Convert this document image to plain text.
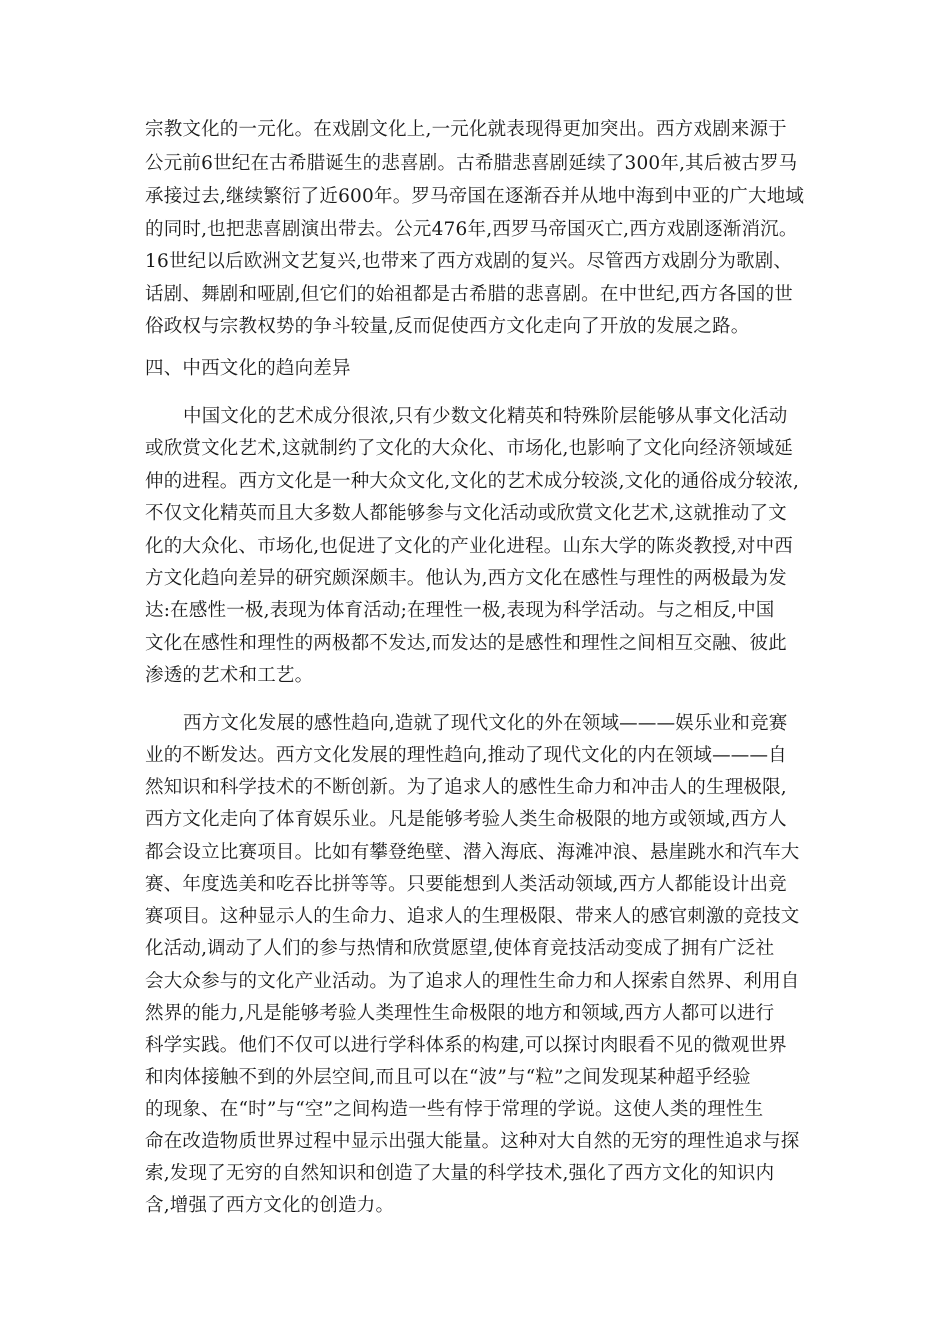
宗教文化的一元化。在戏剧文化上,一元化就表现得更加突出。西方戏剧来源于
公元前6世纪在古希腊诞生的悲喜剧。古希腊悲喜剧延续了300年,其后被古罗马
承接过去,继续繁衍了近600年。罗马帝国在逐渐吞并从地中海到中亚的广大地域
的同时,也把悲喜剧演出带去。公元476年,西罗马帝国灭亡,西方戏剧逐渐消沉。
16世纪以后欧洲文艺复兴,也带来了西方戏剧的复兴。尽管西方戏剧分为歌剧、
话剧、舞剧和哑剧,但它们的始祖都是古希腊的悲喜剧。在中世纪,西方各国的世
俗政权与宗教权势的争斗较量,反而促使西方文化走向了开放的发展之路。
四、中西文化的趋向差异
中国文化的艺术成分很浓,只有少数文化精英和特殊阶层能够从事文化活动
或欣赏文化艺术,这就制约了文化的大众化、市场化,也影响了文化向经济领域延
伸的进程。西方文化是一种大众文化,文化的艺术成分较淡,文化的通俗成分较浓,
不仅文化精英而且大多数人都能够参与文化活动或欣赏文化艺术,这就推动了文
化的大众化、市场化,也促进了文化的产业化进程。山东大学的陈炎教授,对中西
方文化趋向差异的研究颇深颇丰。他认为,西方文化在感性与理性的两极最为发
达:在感性一极,表现为体育活动;在理性一极,表现为科学活动。与之相反,中国
文化在感性和理性的两极都不发达,而发达的是感性和理性之间相互交融、彼此
渗透的艺术和工艺。
西方文化发展的感性趋向,造就了现代文化的外在领域———娱乐业和竞赛
业的不断发达。西方文化发展的理性趋向,推动了现代文化的内在领域———自
然知识和科学技术的不断创新。为了追求人的感性生命力和冲击人的生理极限,
西方文化走向了体育娱乐业。凡是能够考验人类生命极限的地方或领域,西方人
都会设立比赛项目。比如有攀登绝壁、潜入海底、海滩冲浪、悬崖跳水和汽车大
赛、年度选美和吃吞比拼等等。只要能想到人类活动领域,西方人都能设计出竞
赛项目。这种显示人的生命力、追求人的生理极限、带来人的感官刺激的竞技文
化活动,调动了人们的参与热情和欣赏愿望,使体育竞技活动变成了拥有广泛社
会大众参与的文化产业活动。为了追求人的理性生命力和人探索自然界、利用自
然界的能力,凡是能够考验人类理性生命极限的地方和领域,西方人都可以进行
科学实践。他们不仅可以进行学科体系的构建,可以探讨肉眼看不见的微观世界
和肉体接触不到的外层空间,而且可以在“波”与“粒”之间发现某种超乎经验
的现象、在“时”与“空”之间构造一些有悖于常理的学说。这使人类的理性生
命在改造物质世界过程中显示出强大能量。这种对大自然的无穷的理性追求与探
索,发现了无穷的自然知识和创造了大量的科学技术,强化了西方文化的知识内
含,增强了西方文化的创造力。
